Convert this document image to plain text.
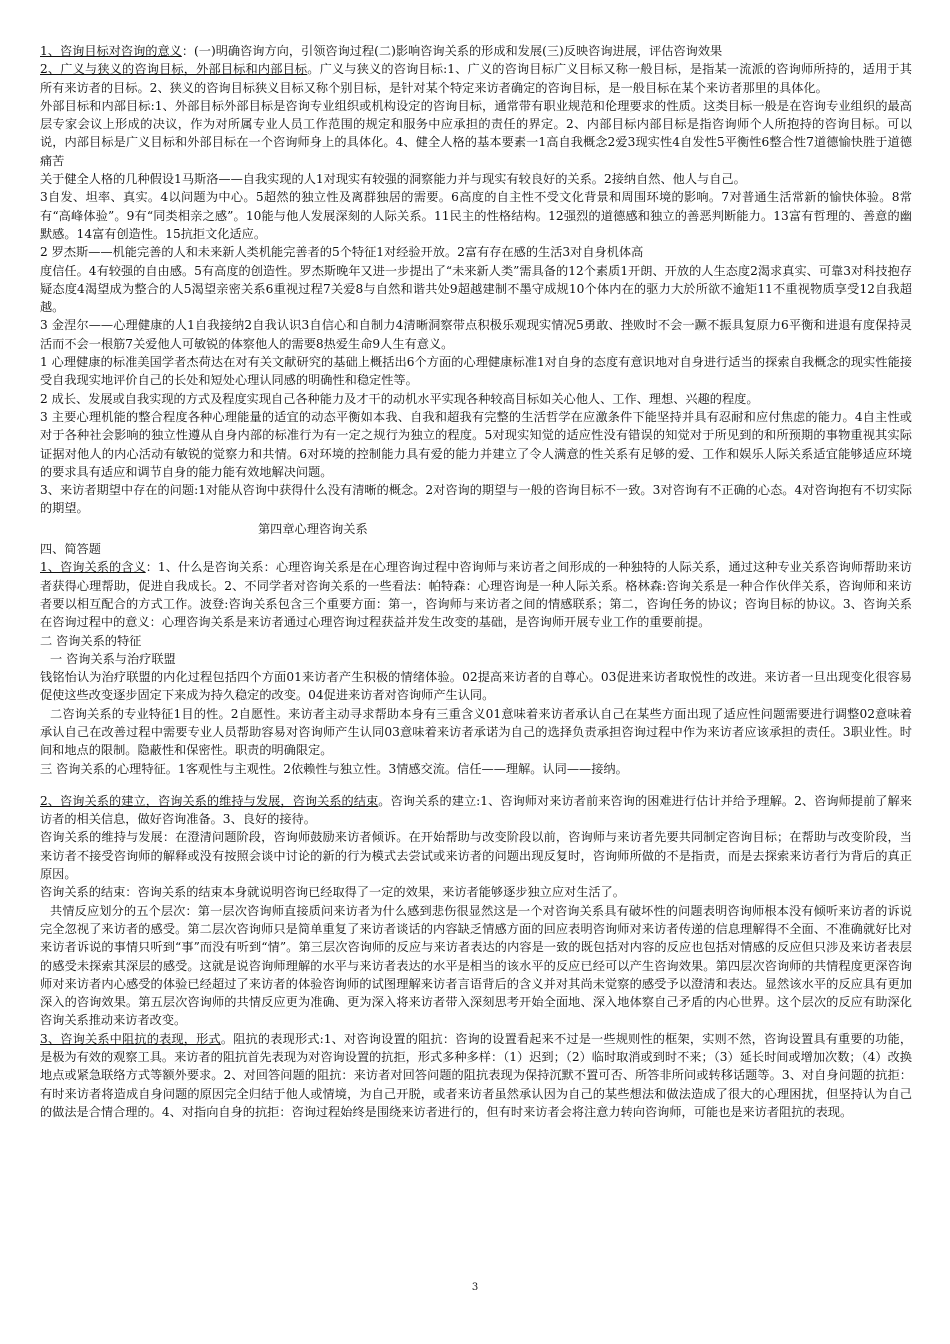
1、咨询目标对咨询的意义：(一)明确咨询方向，引领咨询过程(二)影响咨询关系的形成和发展(三)反映咨询进展，评估咨询效果

2、广义与狭义的咨询目标，外部目标和内部目标。广义与狭义的咨询目标:1、广义的咨询目标广义目标又称一般目标，是指某一流派的咨询师所持的，适用于其所有来访者的目标。2、狭义的咨询目标狭义目标又称个别目标，是针对某个特定来访者确定的咨询目标，是一般目标在某个来访者那里的具体化。

外部目标和内部目标:1、外部目标外部目标是咨询专业组织或机构设定的咨询目标，通常带有职业规范和伦理要求的性质。这类目标一般是在咨询专业组织的最高层专家会议上形成的决议，作为对所属专业人员工作范围的规定和服务中应承担的责任的界定。2、内部目标内部目标是指咨询师个人所抱持的咨询目标。可以说，内部目标是广义目标和外部目标在一个咨询师身上的具体化。4、健全人格的基本要素一1高自我概念2爱3现实性4自发性5平衡性6整合性7道德愉快胜于道德痛苦

关于健全人格的几种假设1马斯洛——自我实现的人1对现实有较强的洞察能力并与现实有较良好的关系。2接纳自然、他人与自己。

3自发、坦率、真实。4以问题为中心。5超然的独立性及离群独居的需要。6高度的自主性不受文化背景和周围环境的影响。7对普通生活常新的愉快体验。8常有“高峰体验”。9有“同类相亲之感”。10能与他人发展深刻的人际关系。11民主的性格结构。12强烈的道德感和独立的善恶判断能力。13富有哲理的、善意的幽默感。14富有创造性。15抗拒文化适应。

2 罗杰斯——机能完善的人和未来新人类机能完善者的5个特征1对经验开放。2富有存在感的生活3对自身机体高

度信任。4有较强的自由感。5有高度的创造性。罗杰斯晚年又进一步提出了“未来新人类”需具备的12个素质1开朗、开放的人生态度2渴求真实、可靠3对科技抱存疑态度4渴望成为整合的人5渴望亲密关系6重视过程7关爱8与自然和谐共处9超越建制不墨守成规10个体内在的驱力大於所欲不逾矩11不重视物质享受12自我超越。

3 金涅尔——心理健康的人1自我接纳2自我认识3自信心和自制力4清晰洞察带点积极乐观现实情况5勇敢、挫败时不会一蹶不振具复原力6平衡和进退有度保持灵活而不会一根筋7关爱他人可敏锐的体察他人的需要8热爱生命9人生有意义。

1 心理健康的标准美国学者杰荷达在对有关文献研究的基础上概括出6个方面的心理健康标准1对自身的态度有意识地对自身进行适当的探索自我概念的现实性能接受自我现实地评价自己的长处和短处心理认同感的明确性和稳定性等。

2 成长、发展或自我实现的方式及程度实现自己各种能力及才干的动机水平实现各种较高目标如关心他人、工作、理想、兴趣的程度。

3 主要心理机能的整合程度各种心理能量的适宜的动态平衡如本我、自我和超我有完整的生活哲学在应激条件下能坚持并具有忍耐和应付焦虑的能力。4自主性或对于各种社会影响的独立性遵从自身内部的标准行为有一定之规行为独立的程度。5对现实知觉的适应性没有错误的知觉对于所见到的和所预期的事物重视其实际证据对他人的内心活动有敏锐的觉察力和共情。6对环境的控制能力具有爱的能力并建立了令人满意的性关系有足够的爱、工作和娱乐人际关系适宜能够适应环境的要求具有适应和调节自身的能力能有效地解决问题。

3、来访者期望中存在的问题:1对能从咨询中获得什么没有清晰的概念。2对咨询的期望与一般的咨询目标不一致。3对咨询有不正确的心态。4对咨询抱有不切实际的期望。

第四章心理咨询关系

四、简答题

1、咨询关系的含义：1、什么是咨询关系：心理咨询关系是在心理咨询过程中咨询师与来访者之间形成的一种独特的人际关系，通过这种专业关系咨询师帮助来访者获得心理帮助，促进自我成长。2、不同学者对咨询关系的一些看法：帕特森：心理咨询是一种人际关系。格林森:咨询关系是一种合作伙伴关系，咨询师和来访者要以相互配合的方式工作。波登:咨询关系包含三个重要方面：第一，咨询师与来访者之间的情感联系；第二，咨询任务的协议；咨询目标的协议。3、咨询关系在咨询过程中的意义：心理咨询关系是来访者通过心理咨询过程获益并发生改变的基础，是咨询师开展专业工作的重要前提。

二 咨询关系的特征

一 咨询关系与治疗联盟

钱铭怡认为治疗联盟的内化过程包括四个方面01来访者产生积极的情绪体验。02提高来访者的自尊心。03促进来访者取悦性的改进。来访者一旦出现变化很容易促使这些改变逐步固定下来成为持久稳定的改变。04促进来访者对咨询师产生认同。

二咨询关系的专业特征1目的性。2自愿性。来访者主动寻求帮助本身有三重含义01意味着来访者承认自己在某些方面出现了适应性问题需要进行调整02意味着承认自己在改善过程中需要专业人员帮助容易对咨询师产生认同03意味着来访者承诺为自己的选择负责承担咨询过程中作为来访者应该承担的责任。3职业性。时间和地点的限制。隐蔽性和保密性。职责的明确限定。

三 咨询关系的心理特征。1客观性与主观性。2依赖性与独立性。3情感交流。信任——理解。认同——接纳。

2、咨询关系的建立，咨询关系的维持与发展，咨询关系的结束。咨询关系的建立:1、咨询师对来访者前来咨询的困难进行估计并给予理解。2、咨询师提前了解来访者的相关信息，做好咨询准备。3、良好的接待。

咨询关系的维持与发展：在澄清问题阶段，咨询师鼓励来访者倾诉。在开始帮助与改变阶段以前，咨询师与来访者先要共同制定咨询目标；在帮助与改变阶段，当来访者不接受咨询师的解释或没有按照会谈中讨论的新的行为模式去尝试或来访者的问题出现反复时，咨询师所做的不是指责，而是去探索来访者行为背后的真正原因。

咨询关系的结束：咨询关系的结束本身就说明咨询已经取得了一定的效果，来访者能够逐步独立应对生活了。

共情反应划分的五个层次：第一层次咨询师直接质问来访者为什么感到悲伤很显然这是一个对咨询关系具有破坏性的问题表明咨询师根本没有倾听来访者的诉说完全忽视了来访者的感受。第二层次咨询师只是简单重复了来访者谈话的内容缺乏情感方面的回应表明咨询师对来访者传递的信息理解得不全面、不准确就好比对来访者诉说的事情只听到“事”而没有听到“情”。第三层次咨询师的反应与来访者表达的内容是一致的既包括对内容的反应也包括对情感的反应但只涉及来访者表层的感受未探索其深层的感受。这就是说咨询师理解的水平与来访者表达的水平是相当的该水平的反应已经可以产生咨询效果。第四层次咨询师的共情程度更深咨询师对来访者内心感受的体验已经超过了来访者的体验咨询师的试图理解来访者言语背后的含义并对其尚未觉察的感受予以澄清和表达。显然该水平的反应具有更加深入的咨询效果。第五层次咨询师的共情反应更为准确、更为深入将来访者带入深刻思考开始全面地、深入地体察自己矛盾的内心世界。这个层次的反应有助深化咨询关系推动来访者改变。

3、咨询关系中阻抗的表现，形式。阻抗的表现形式:1、对咨询设置的阻抗：咨询的设置看起来不过是一些规则性的框架，实则不然，咨询设置具有重要的功能，是极为有效的观察工具。来访者的阻抗首先表现为对咨询设置的抗拒，形式多种多样：（1）迟到；（2）临时取消或到时不来；（3）延长时间或增加次数；（4）改换地点或紧急联络方式等额外要求。2、对回答问题的阻抗：来访者对回答问题的阻抗表现为保持沉默不置可否、所答非所问或转移话题等。3、对自身问题的抗拒：有时来访者将造成自身问题的原因完全归结于他人或情境，为自己开脱，或者来访者虽然承认因为自己的某些想法和做法造成了很大的心理困扰，但坚持认为自己的做法是合情合理的。4、对指向自身的抗拒：咨询过程始终是围绕来访者进行的，但有时来访者会将注意力转向咨询师，可能也是来访者阻抗的表现。

3
